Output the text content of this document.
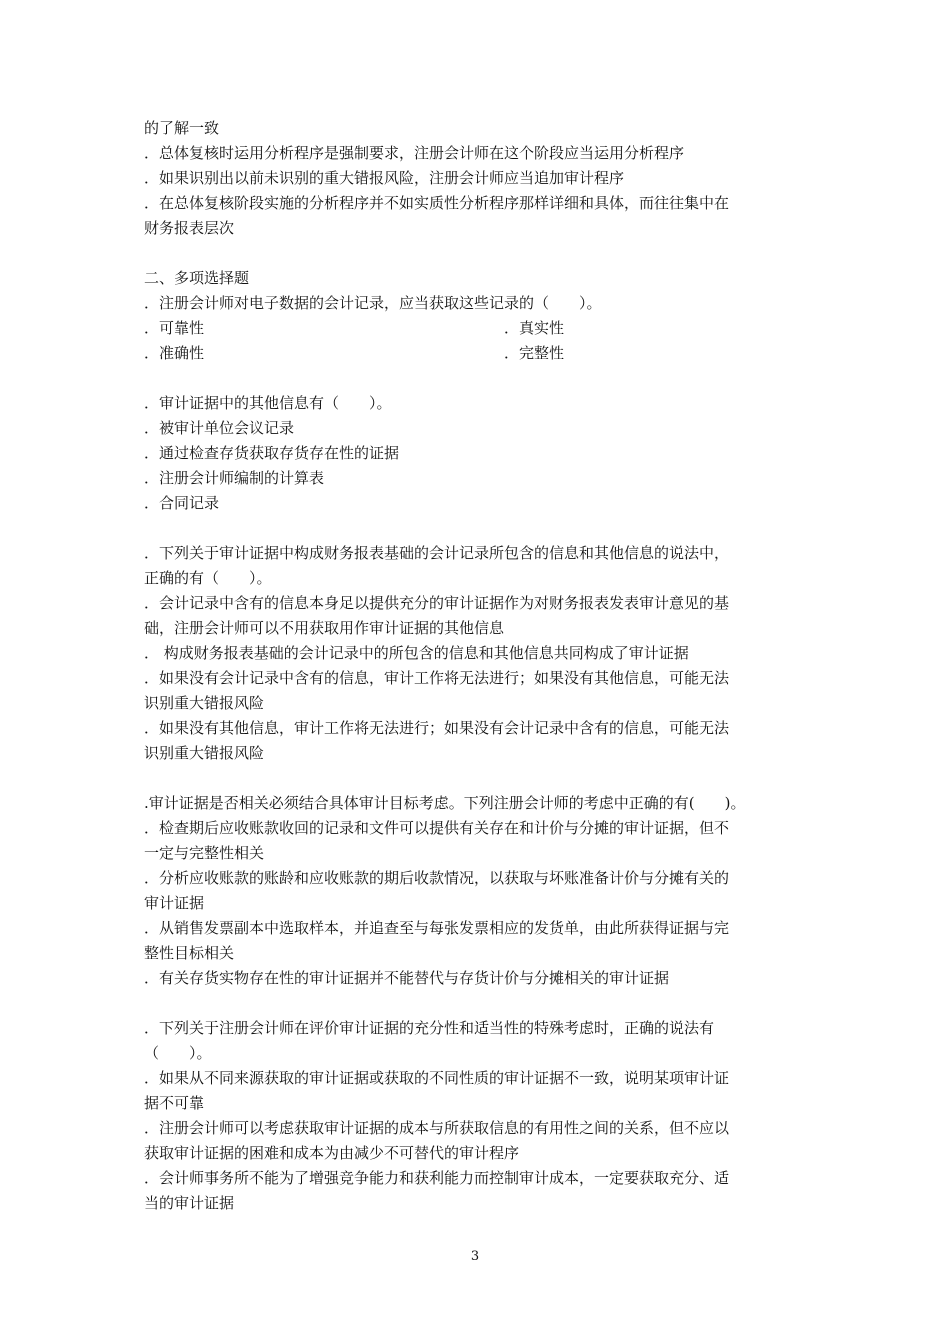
的了解一致
．总体复核时运用分析程序是强制要求，注册会计师在这个阶段应当运用分析程序
．如果识别出以前未识别的重大错报风险，注册会计师应当追加审计程序
．在总体复核阶段实施的分析程序并不如实质性分析程序那样详细和具体，而往往集中在
财务报表层次
二、多项选择题
．注册会计师对电子数据的会计记录，应当获取这些记录的（　　）。
．可靠性	．真实性
．准确性	．完整性
．审计证据中的其他信息有（　　）。
．被审计单位会议记录
．通过检查存货获取存货存在性的证据
．注册会计师编制的计算表
．合同记录
．下列关于审计证据中构成财务报表基础的会计记录所包含的信息和其他信息的说法中，
正确的有（　　）。
．会计记录中含有的信息本身足以提供充分的审计证据作为对财务报表发表审计意见的基
础，注册会计师可以不用获取用作审计证据的其他信息
． 构成财务报表基础的会计记录中的所包含的信息和其他信息共同构成了审计证据
．如果没有会计记录中含有的信息，审计工作将无法进行；如果没有其他信息，可能无法
识别重大错报风险
．如果没有其他信息，审计工作将无法进行；如果没有会计记录中含有的信息，可能无法
识别重大错报风险
.审计证据是否相关必须结合具体审计目标考虑。下列注册会计师的考虑中正确的有(　　)。
．检查期后应收账款收回的记录和文件可以提供有关存在和计价与分摊的审计证据，但不
一定与完整性相关
．分析应收账款的账龄和应收账款的期后收款情况，以获取与坏账准备计价与分摊有关的
审计证据
．从销售发票副本中选取样本，并追查至与每张发票相应的发货单，由此所获得证据与完
整性目标相关
．有关存货实物存在性的审计证据并不能替代与存货计价与分摊相关的审计证据
．下列关于注册会计师在评价审计证据的充分性和适当性的特殊考虑时，正确的说法有
（　　）。
．如果从不同来源获取的审计证据或获取的不同性质的审计证据不一致，说明某项审计证
据不可靠
．注册会计师可以考虑获取审计证据的成本与所获取信息的有用性之间的关系，但不应以
获取审计证据的困难和成本为由减少不可替代的审计程序
．会计师事务所不能为了增强竞争能力和获利能力而控制审计成本，一定要获取充分、适
当的审计证据
3
